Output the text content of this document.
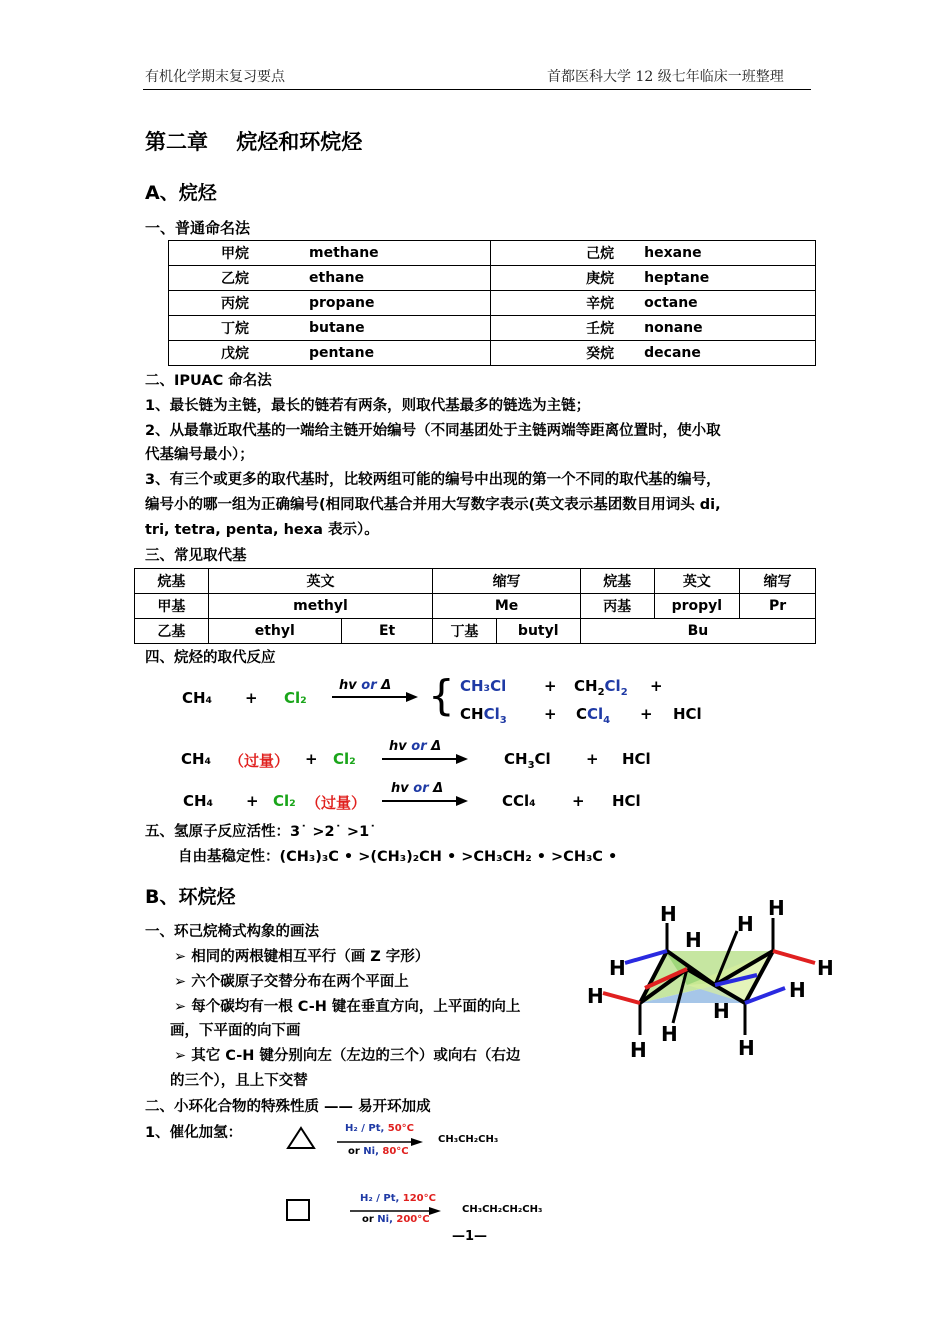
有机化学期末复习要点	首都医科大学 12 级七年临床一班整理
第二章　 烷烃和环烷烃
A、烷烃
一、普通命名法
甲烷	methane	己烷	hexane
乙烷	ethane	庚烷	heptane
丙烷	propane	辛烷	octane
丁烷	butane	壬烷	nonane
戊烷	pentane	癸烷	decane
二、IPUAC 命名法
1、最长链为主链，最长的链若有两条，则取代基最多的链选为主链；
2、从最靠近取代基的一端给主链开始编号（不同基团处于主链两端等距离位置时，使小取
代基编号最小）；
3、有三个或更多的取代基时，比较两组可能的编号中出现的第一个不同的取代基的编号，
编号小的哪一组为正确编号(相同取代基合并用大写数字表示(英文表示基团数目用词头 di,
tri, tetra, penta, hexa 表示）。
三、常见取代基
烷基	英文		缩写		烷基	英文	缩写
甲基	methyl		Me		丙基	propyl	Pr
乙基	ethyl	Et	丁基	butyl	Bu		
四、烷烃的取代反应
CH₄ + Cl₂
hv or Δ { CH₃Cl	+ $CH_2Cl_2$ +
CHCl$_3$ + CCl$_4$ + HCl
CH₄ （过量） + Cl₂
hv or Δ
$CH_3Cl$ + HCl
CH₄ + Cl₂ （过量）
hv or Δ
CCl₄ + HCl
五、氢原子反应活性：3˙ >2˙ >1˙
自由基稳定性：(CH₃)₃C • >(CH₃)₂CH • >CH₃CH₂ • >CH₃C •
B、环烷烃
一、环己烷椅式构象的画法
➢ 相同的两根键相互平行（画 Z 字形）
➢ 六个碳原子交替分布在两个平面上
➢ 每个碳均有一根 C-H 键在垂直方向，上平面的向上
画，下平面的向下画
➢ 其它 C-H 键分别向左（左边的三个）或向右（右边
的三个），且上下交替
H	H
H
H
H	H
H	H
H
H
H	H
二、小环化合物的特殊性质 —— 易开环加成
1、催化加氢：	H₂ / Pt, 50°C
or Ni, 80°C
CH₃CH₂CH₃
H₂ / Pt, 120°C
or Ni, 200°C
CH₃CH₂CH₂CH₃
—1—
